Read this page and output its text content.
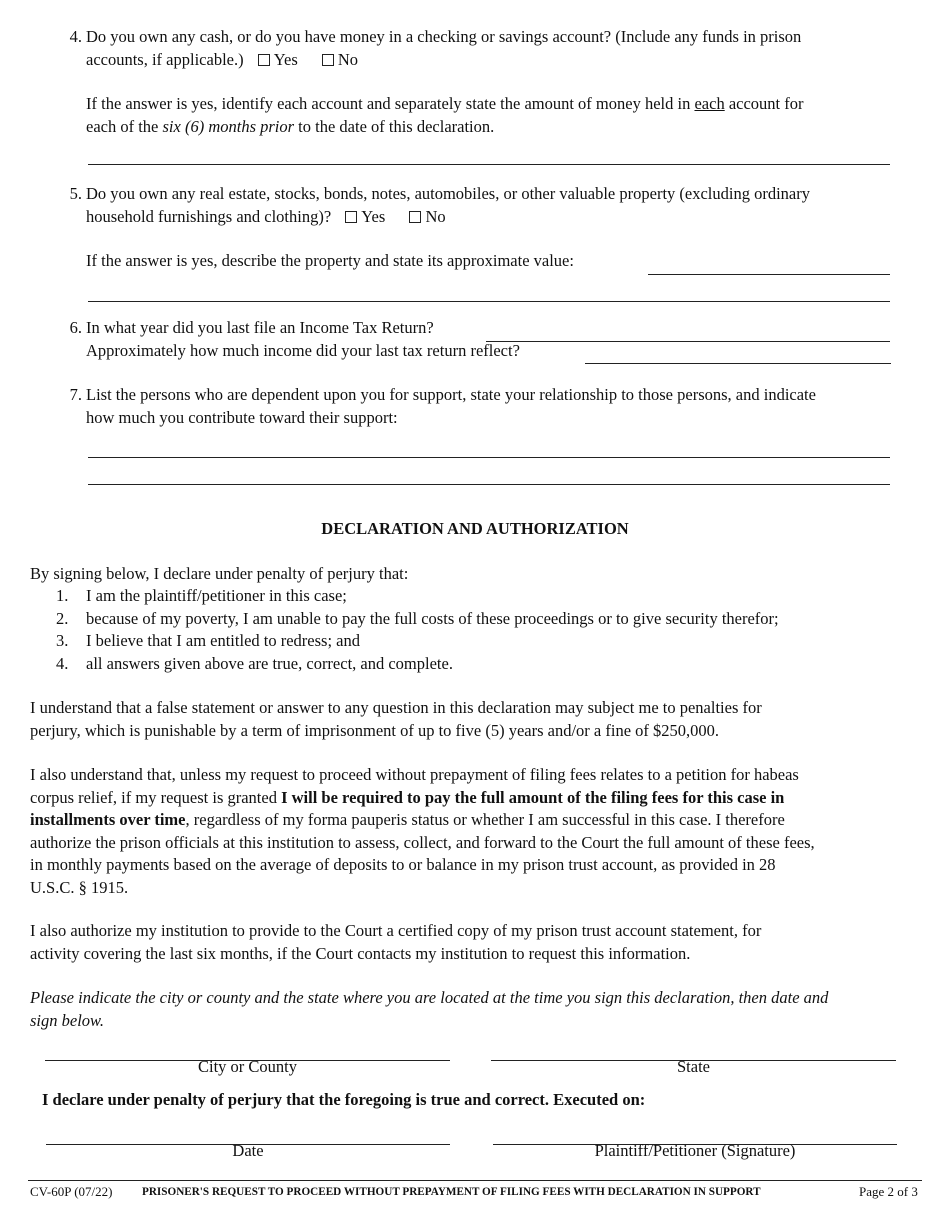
4. Do you own any cash, or do you have money in a checking or savings account? (Include any funds in prison
accounts, if applicable.) Yes No
If the answer is yes, identify each account and separately state the amount of money held in each account for
each of the six (6) months prior to the date of this declaration.
5. Do you own any real estate, stocks, bonds, notes, automobiles, or other valuable property (excluding ordinary
household furnishings and clothing)? Yes No
If the answer is yes, describe the property and state its approximate value:
6. In what year did you last file an Income Tax Return?
Approximately how much income did your last tax return reflect?
7. List the persons who are dependent upon you for support, state your relationship to those persons, and indicate
how much you contribute toward their support:
DECLARATION AND AUTHORIZATION
By signing below, I declare under penalty of perjury that:
1. I am the plaintiff/petitioner in this case;
2. because of my poverty, I am unable to pay the full costs of these proceedings or to give security therefor;
3. I believe that I am entitled to redress; and
4. all answers given above are true, correct, and complete.
I understand that a false statement or answer to any question in this declaration may subject me to penalties for
perjury, which is punishable by a term of imprisonment of up to five (5) years and/or a fine of $250,000.
I also understand that, unless my request to proceed without prepayment of filing fees relates to a petition for habeas
corpus relief, if my request is granted I will be required to pay the full amount of the filing fees for this case in
installments over time, regardless of my forma pauperis status or whether I am successful in this case. I therefore
authorize the prison officials at this institution to assess, collect, and forward to the Court the full amount of these fees,
in monthly payments based on the average of deposits to or balance in my prison trust account, as provided in 28
U.S.C. § 1915.
I also authorize my institution to provide to the Court a certified copy of my prison trust account statement, for
activity covering the last six months, if the Court contacts my institution to request this information.
Please indicate the city or county and the state where you are located at the time you sign this declaration, then date and
sign below.
City or County	State
I declare under penalty of perjury that the foregoing is true and correct. Executed on:
Date	Plaintiff/Petitioner (Signature)
CV-60P (07/22)	PRISONER'S REQUEST TO PROCEED WITHOUT PREPAYMENT OF FILING FEES WITH DECLARATION IN SUPPORT	Page 2 of 3
